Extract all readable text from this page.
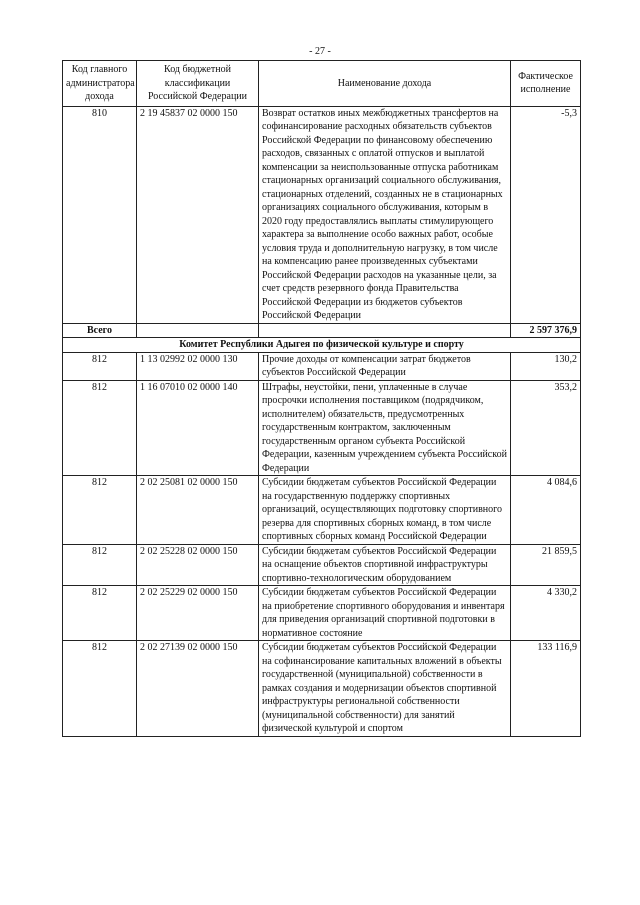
- 27 -
Код главного администратора дохода	Код бюджетной классификации Российской Федерации	Наименование дохода	Фактическое исполнение
810	2 19 45837 02 0000 150	Возврат остатков иных межбюджетных трансфертов на софинансирование расходных обязательств субъектов Российской Федерации по финансовому обеспечению расходов, связанных с оплатой отпусков и выплатой компенсации за неиспользованные отпуска работникам стационарных организаций социального обслуживания, стационарных отделений, созданных не в стационарных организациях социального обслуживания, которым в 2020 году предоставлялись выплаты стимулирующего характера за выполнение особо важных работ, особые условия труда и дополнительную нагрузку, в том числе на компенсацию ранее произведенных субъектами Российской Федерации расходов на указанные цели, за счет средств резервного фонда Правительства Российской Федерации из бюджетов субъектов Российской Федерации	-5,3
Всего			2 597 376,9
Комитет Республики Адыгея по физической культуре и спорту			
812	1 13 02992 02 0000 130	Прочие доходы от компенсации затрат бюджетов субъектов Российской Федерации	130,2
812	1 16 07010 02 0000 140	Штрафы, неустойки, пени, уплаченные в случае просрочки исполнения поставщиком (подрядчиком, исполнителем) обязательств, предусмотренных государственным контрактом, заключенным государственным органом субъекта Российской Федерации, казенным учреждением субъекта Российской Федерации	353,2
812	2 02 25081 02 0000 150	Субсидии бюджетам субъектов Российской Федерации на государственную поддержку спортивных организаций, осуществляющих подготовку спортивного резерва для спортивных сборных команд, в том числе спортивных сборных команд Российской Федерации	4 084,6
812	2 02 25228 02 0000 150	Субсидии бюджетам субъектов Российской Федерации на оснащение объектов спортивной инфраструктуры спортивно-технологическим оборудованием	21 859,5
812	2 02 25229 02 0000 150	Субсидии бюджетам субъектов Российской Федерации на приобретение спортивного оборудования и инвентаря для приведения организаций спортивной подготовки в нормативное состояние	4 330,2
812	2 02 27139 02 0000 150	Субсидии бюджетам субъектов Российской Федерации на софинансирование капитальных вложений в объекты государственной (муниципальной) собственности в рамках создания и модернизации объектов спортивной инфраструктуры региональной собственности (муниципальной собственности) для занятий физической культурой и спортом	133 116,9
